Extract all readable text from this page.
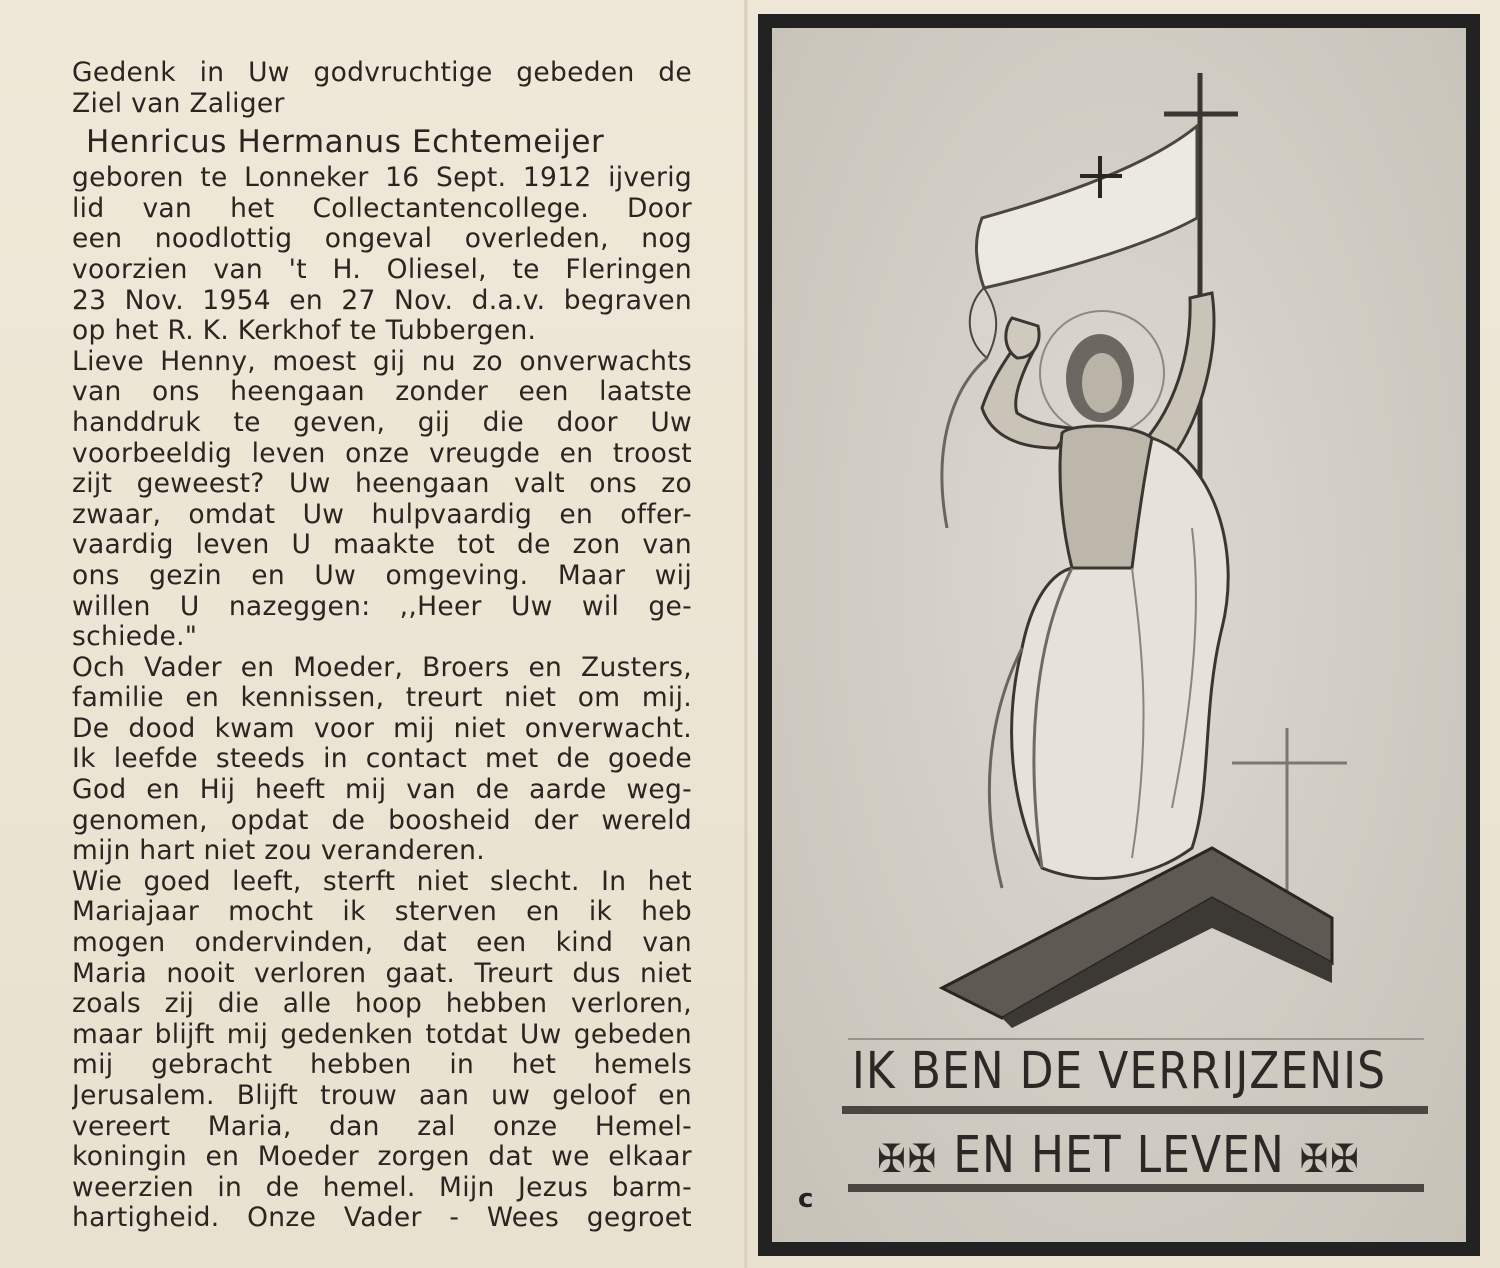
Gedenk in Uw godvruchtige gebeden de
Ziel van Zaliger
Henricus Hermanus Echtemeijer
geboren te Lonneker 16 Sept. 1912 ijverig
lid van het Collectantencollege. Door
een noodlottig ongeval overleden, nog
voorzien van 't H. Oliesel, te Fleringen
23 Nov. 1954 en 27 Nov. d.a.v. begraven
op het R. K. Kerkhof te Tubbergen.
Lieve Henny, moest gij nu zo onverwachts
van ons heengaan zonder een laatste
handdruk te geven, gij die door Uw
voorbeeldig leven onze vreugde en troost
zijt geweest? Uw heengaan valt ons zo
zwaar, omdat Uw hulpvaardig en offer-
vaardig leven U maakte tot de zon van
ons gezin en Uw omgeving. Maar wij
willen U nazeggen: ,,Heer Uw wil ge-
schiede."
Och Vader en Moeder, Broers en Zusters,
familie en kennissen, treurt niet om mij.
De dood kwam voor mij niet onverwacht.
Ik leefde steeds in contact met de goede
God en Hij heeft mij van de aarde weg-
genomen, opdat de boosheid der wereld
mijn hart niet zou veranderen.
Wie goed leeft, sterft niet slecht. In het
Mariajaar mocht ik sterven en ik heb
mogen ondervinden, dat een kind van
Maria nooit verloren gaat. Treurt dus niet
zoals zij die alle hoop hebben verloren,
maar blijft mij gedenken totdat Uw gebeden
mij gebracht hebben in het hemels
Jerusalem. Blijft trouw aan uw geloof en
vereert Maria, dan zal onze Hemel-
koningin en Moeder zorgen dat we elkaar
weerzien in de hemel. Mijn Jezus barm-
hartigheid. Onze Vader - Wees gegroet
IK BEN DE VERRIJZENIS
✠✠ EN HET LEVEN ✠✠
c
